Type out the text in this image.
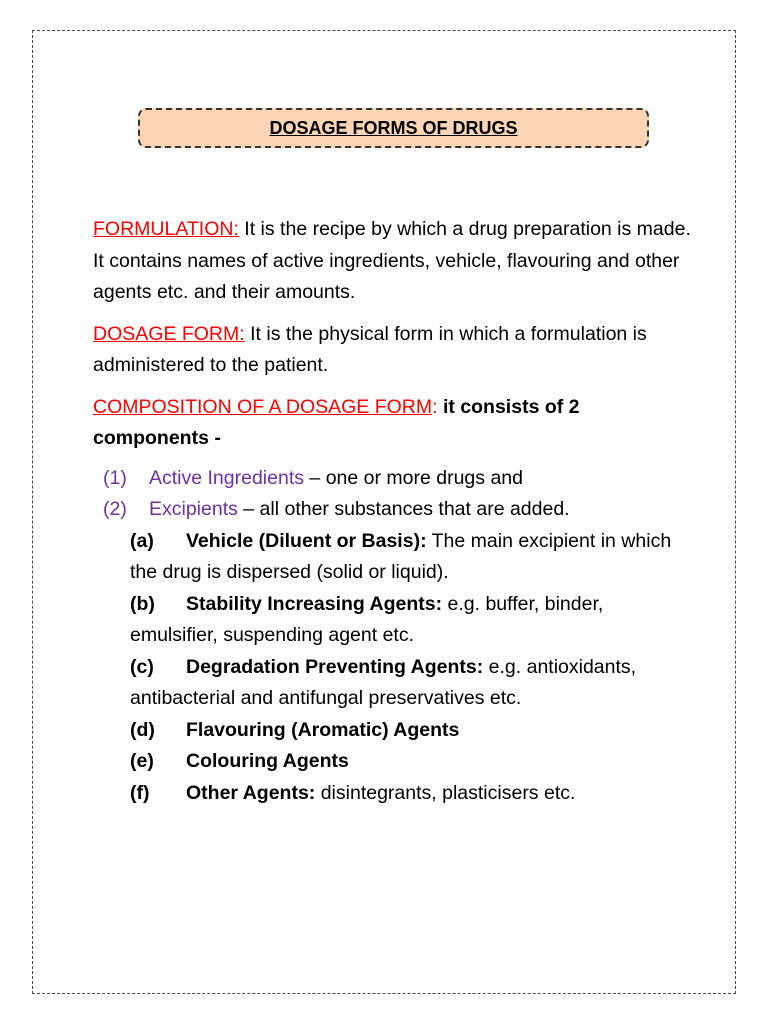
DOSAGE FORMS OF DRUGS

FORMULATION: It is the recipe by which a drug preparation is made. It contains names of active ingredients, vehicle, flavouring and other agents etc. and their amounts.

DOSAGE FORM: It is the physical form in which a formulation is administered to the patient.

COMPOSITION OF A DOSAGE FORM: it consists of 2 components -

(1)	Active Ingredients – one or more drugs and
(2)	Excipients – all other substances that are added.
(a) Vehicle (Diluent or Basis): The main excipient in which the drug is dispersed (solid or liquid).
(b) Stability Increasing Agents: e.g. buffer, binder, emulsifier, suspending agent etc.
(c) Degradation Preventing Agents: e.g. antioxidants, antibacterial and antifungal preservatives etc.
(d) Flavouring (Aromatic) Agents
(e) Colouring Agents
(f) Other Agents: disintegrants, plasticisers etc.
